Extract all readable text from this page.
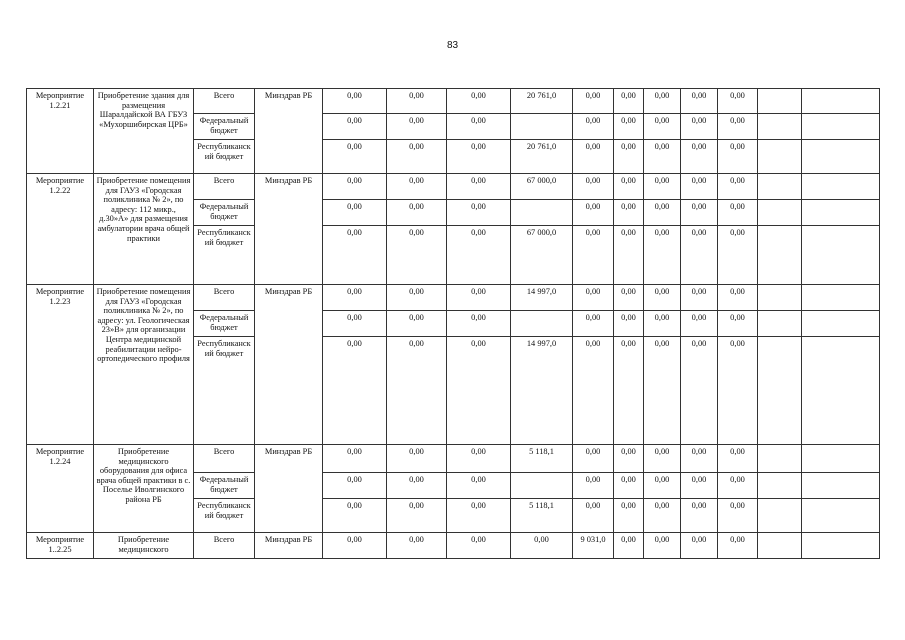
83
Мероприятие 1.2.21	Приобретение здания для размещения Шаралдайской ВА ГБУЗ «Мухоршибирская ЦРБ»	Всего	Минздрав РБ	0,00	0,00	0,00	20 761,0	0,00	0,00	0,00	0,00	0,00		
		Федеральный бюджет		0,00	0,00	0,00		0,00	0,00	0,00	0,00	0,00		
		Республиканский бюджет		0,00	0,00	0,00	20 761,0	0,00	0,00	0,00	0,00	0,00		
Мероприятие 1.2.22	Приобретение помещения для ГАУЗ «Городская поликлиника № 2», по адресу: 112 микр., д.30»А» для размещения амбулатории врача общей практики	Всего	Минздрав РБ	0,00	0,00	0,00	67 000,0	0,00	0,00	0,00	0,00	0,00		
		Федеральный бюджет		0,00	0,00	0,00		0,00	0,00	0,00	0,00	0,00		
		Республиканский бюджет		0,00	0,00	0,00	67 000,0	0,00	0,00	0,00	0,00	0,00		
Мероприятие 1.2.23	Приобретение помещения для ГАУЗ «Городская поликлиника № 2», по адресу: ул. Геологическая 23»В» для организации Центра медицинской реабилитации нейро-ортопедического профиля	Всего	Минздрав РБ	0,00	0,00	0,00	14 997,0	0,00	0,00	0,00	0,00	0,00		
		Федеральный бюджет		0,00	0,00	0,00		0,00	0,00	0,00	0,00	0,00		
		Республиканский бюджет		0,00	0,00	0,00	14 997,0	0,00	0,00	0,00	0,00	0,00		
Мероприятие 1.2.24	Приобретение медицинского оборудования для офиса врача общей практики в с. Поселье Иволгинского района РБ	Всего	Минздрав РБ	0,00	0,00	0,00	5 118,1	0,00	0,00	0,00	0,00	0,00		
		Федеральный бюджет		0,00	0,00	0,00		0,00	0,00	0,00	0,00	0,00		
		Республиканский бюджет		0,00	0,00	0,00	5 118,1	0,00	0,00	0,00	0,00	0,00		
Мероприятие 1..2.25	Приобретение медицинского	Всего	Минздрав РБ	0,00	0,00	0,00	0,00	9 031,0	0,00	0,00	0,00	0,00		
